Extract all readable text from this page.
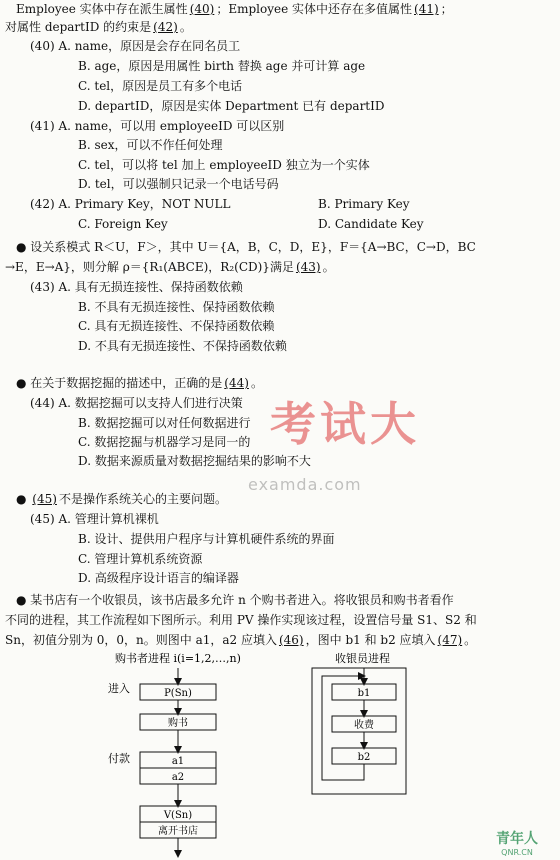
Employee 实体中存在派生属性 (40) ；Employee 实体中还存在多值属性 (41) ；
对属性 departID 的约束是 (42) 。
(40) A. name，原因是会存在同名员工
B. age，原因是用属性 birth 替换 age 并可计算 age
C. tel，原因是员工有多个电话
D. departID，原因是实体 Department 已有 departID
(41) A. name，可以用 employeeID 可以区别
B. sex，可以不作任何处理
C. tel，可以将 tel 加上 employeeID 独立为一个实体
D. tel，可以强制只记录一个电话号码
(42) A. Primary Key，NOT NULL	B. Primary Key
C. Foreign Key	D. Candidate Key
● 设关系模式 R＜U，F＞，其中 U＝{A，B，C，D，E}，F＝{A→BC，C→D，BC
→E，E→A}，则分解 ρ＝{R₁(ABCE)，R₂(CD)}满足 (43) 。
(43) A. 具有无损连接性、保持函数依赖
B. 不具有无损连接性、保持函数依赖
C. 具有无损连接性、不保持函数依赖
D. 不具有无损连接性、不保持函数依赖
● 在关于数据挖掘的描述中，正确的是 (44) 。
(44) A. 数据挖掘可以支持人们进行决策
B. 数据挖掘可以对任何数据进行
C. 数据挖掘与机器学习是同一的
D. 数据来源质量对数据挖掘结果的影响不大
● (45) 不是操作系统关心的主要问题。
(45) A. 管理计算机裸机
B. 设计、提供用户程序与计算机硬件系统的界面
C. 管理计算机系统资源
D. 高级程序设计语言的编译器
● 某书店有一个收银员，该书店最多允许 n 个购书者进入。将收银员和购书者看作
不同的进程，其工作流程如下图所示。利用 PV 操作实现该过程，设置信号量 S1、S2 和
Sn，初值分别为 0，0，n。则图中 a1，a2 应填入 (46) ，图中 b1 和 b2 应填入 (47) 。
购书者进程 i(i=1,2,…,n)
进入
付款
P(Sn)
购书
a1
a2
V(Sn)
离开书店
收银员进程
b1
收费
b2
考试大
examda.com
青年人
QNR.CN
